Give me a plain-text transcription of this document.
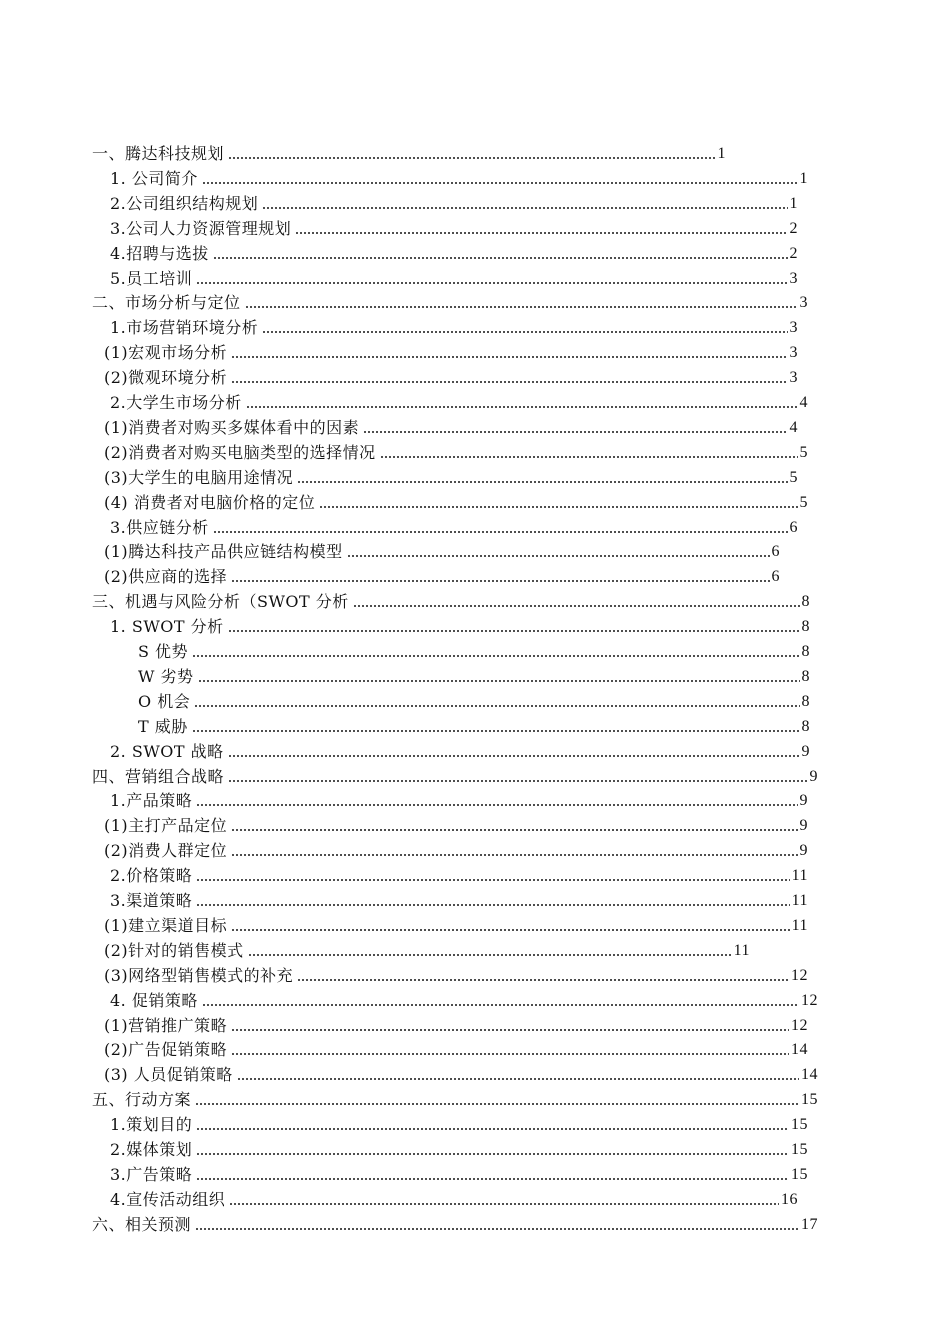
一、腾达科技规划	1
1. 公司简介	1
2.公司组织结构规划	1
3.公司人力资源管理规划	2
4.招聘与选拔	2
5.员工培训	3
二、市场分析与定位	3
1.市场营销环境分析	3
(1)宏观市场分析	3
(2)微观环境分析	3
2.大学生市场分析	4
(1)消费者对购买多媒体看中的因素	4
(2)消费者对购买电脑类型的选择情况	5
(3)大学生的电脑用途情况	5
(4) 消费者对电脑价格的定位	5
3.供应链分析	6
(1)腾达科技产品供应链结构模型	6
(2)供应商的选择	6
三、机遇与风险分析（SWOT 分析	8
1. SWOT 分析	8
S 优势	8
W 劣势	8
O 机会	8
T 威胁	8
2. SWOT 战略	9
四、营销组合战略	9
1.产品策略	9
(1)主打产品定位	9
(2)消费人群定位	9
2.价格策略	11
3.渠道策略	11
(1)建立渠道目标	11
(2)针对的销售模式	11
(3)网络型销售模式的补充	12
4. 促销策略	12
(1)营销推广策略	12
(2)广告促销策略	14
(3) 人员促销策略	14
五、行动方案	15
1.策划目的	15
2.媒体策划	15
3.广告策略	15
4.宣传活动组织	16
六、相关预测	17
